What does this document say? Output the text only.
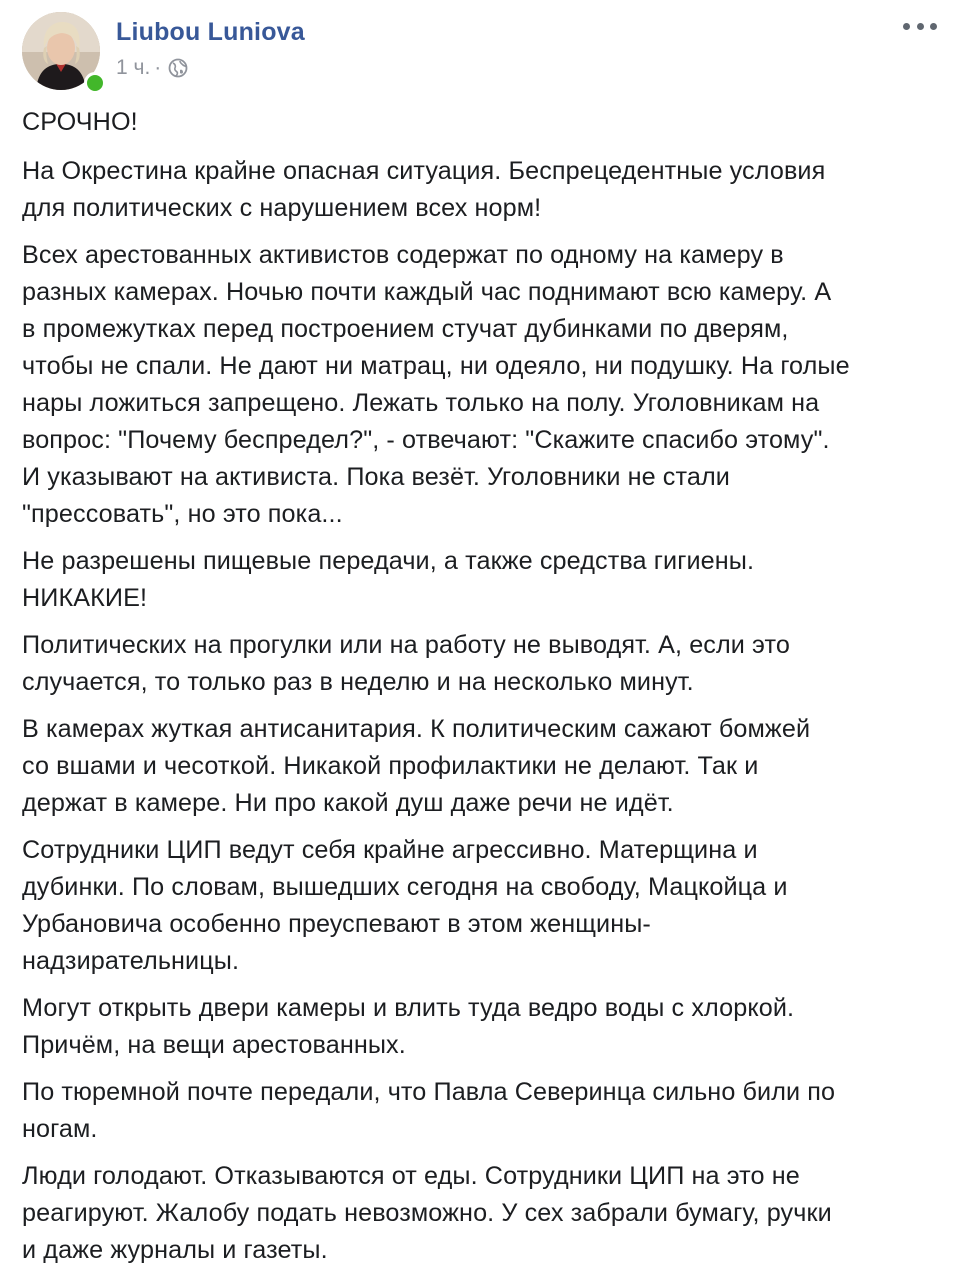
Liubou Luniova
1 ч. ·

СРОЧНО!

На Окрестина крайне опасная ситуация. Беспрецедентные условия
для политических с нарушением всех норм!

Всех арестованных активистов содержат по одному на камеру в
разных камерах. Ночью почти каждый час поднимают всю камеру. А
в промежутках перед построением стучат дубинками по дверям,
чтобы не спали. Не дают ни матрац, ни одеяло, ни подушку. На голые
нары ложиться запрещено. Лежать только на полу. Уголовникам на
вопрос: "Почему беспредел?", - отвечают: "Скажите спасибо этому".
И указывают на активиста. Пока везёт. Уголовники не стали
"прессовать", но это пока...

Не разрешены пищевые передачи, а также средства гигиены.
НИКАКИЕ!

Политических на прогулки или на работу не выводят. А, если это
случается, то только раз в неделю и на несколько минут.

В камерах жуткая антисанитария. К политическим сажают бомжей
со вшами и чесоткой. Никакой профилактики не делают. Так и
держат в камере. Ни про какой душ даже речи не идёт.

Сотрудники ЦИП ведут себя крайне агрессивно. Матерщина и
дубинки. По словам, вышедших сегодня на свободу, Мацкойца и
Урбановича особенно преуспевают в этом женщины-
надзирательницы.

Могут открыть двери камеры и влить туда ведро воды с хлоркой.
Причём, на вещи арестованных.

По тюремной почте передали, что Павла Северинца сильно били по
ногам.

Люди голодают. Отказываются от еды. Сотрудники ЦИП на это не
реагируют. Жалобу подать невозможно. У сех забрали бумагу, ручки
и даже журналы и газеты.
